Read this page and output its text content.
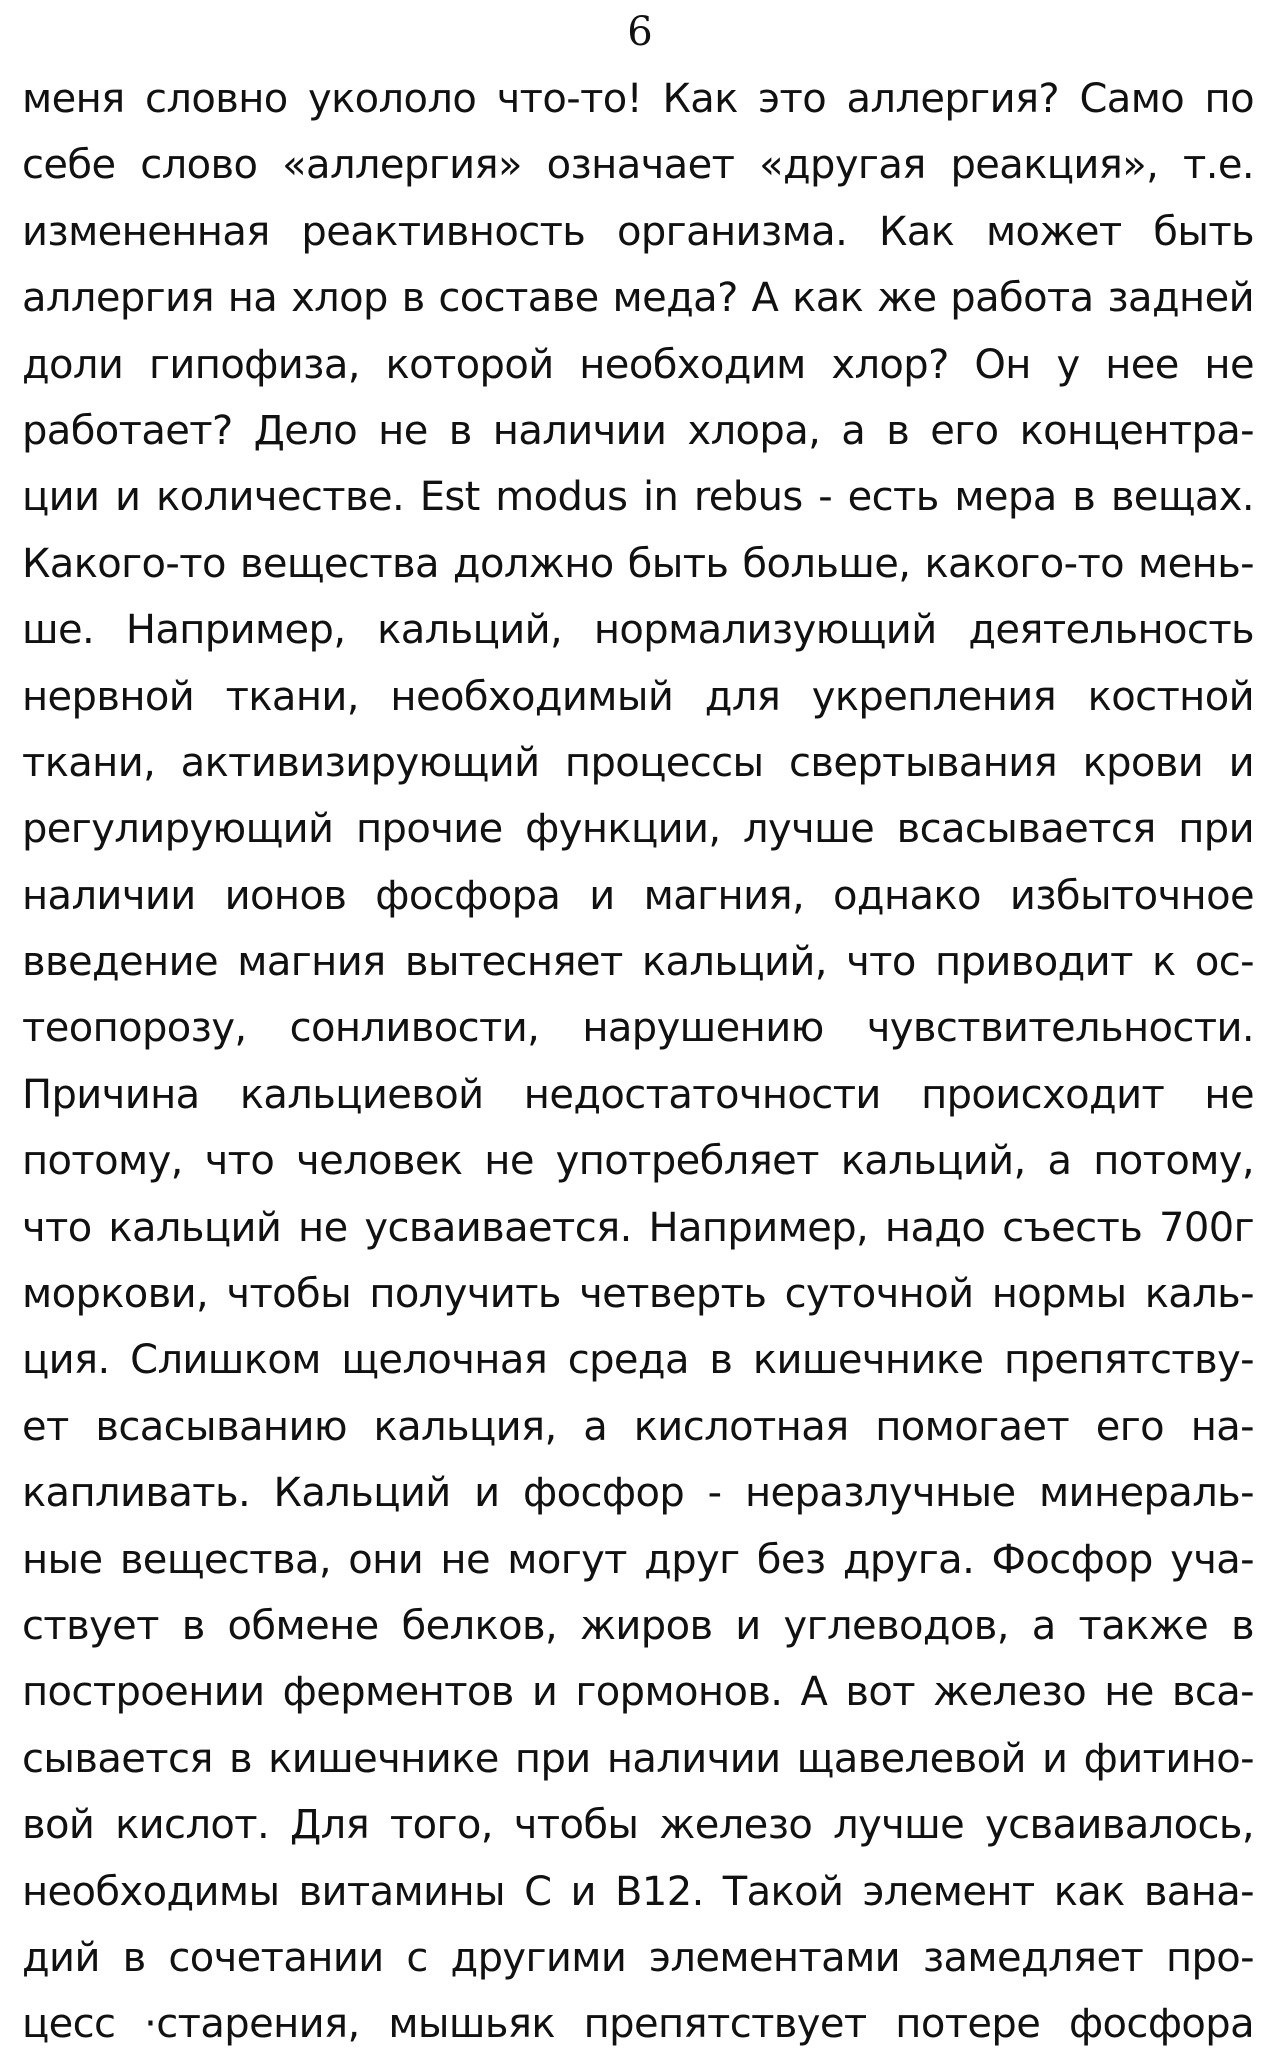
6
меня словно укололо что-то! Как это аллергия? Само по
себе слово «аллергия» означает «другая реакция», т.е.
измененная реактивность организма. Как может быть
аллергия на хлор в составе меда? А как же работа задней
доли гипофиза, которой необходим хлор? Он у нее не
работает? Дело не в наличии хлора, а в его концентра-
ции и количестве. Est modus in rebus - есть мера в вещах.
Какого-то вещества должно быть больше, какого-то мень-
ше. Например, кальций, нормализующий деятельность
нервной ткани, необходимый для укрепления костной
ткани, активизирующий процессы свертывания крови и
регулирующий прочие функции, лучше всасывается при
наличии ионов фосфора и магния, однако избыточное
введение магния вытесняет кальций, что приводит к ос-
теопорозу, сонливости, нарушению чувствительности.
Причина кальциевой недостаточности происходит не
потому, что человек не употребляет кальций, а потому,
что кальций не усваивается. Например, надо съесть 700г
моркови, чтобы получить четверть суточной нормы каль-
ция. Слишком щелочная среда в кишечнике препятству-
ет всасыванию кальция, а кислотная помогает его на-
капливать. Кальций и фосфор - неразлучные минераль-
ные вещества, они не могут друг без друга. Фосфор уча-
ствует в обмене белков, жиров и углеводов, а также в
построении ферментов и гормонов. А вот железо не вса-
сывается в кишечнике при наличии щавелевой и фитино-
вой кислот. Для того, чтобы железо лучше усваивалось,
необходимы витамины С и В12. Такой элемент как вана-
дий в сочетании с другими элементами замедляет про-
цесс ·старения, мышьяк препятствует потере фосфора
